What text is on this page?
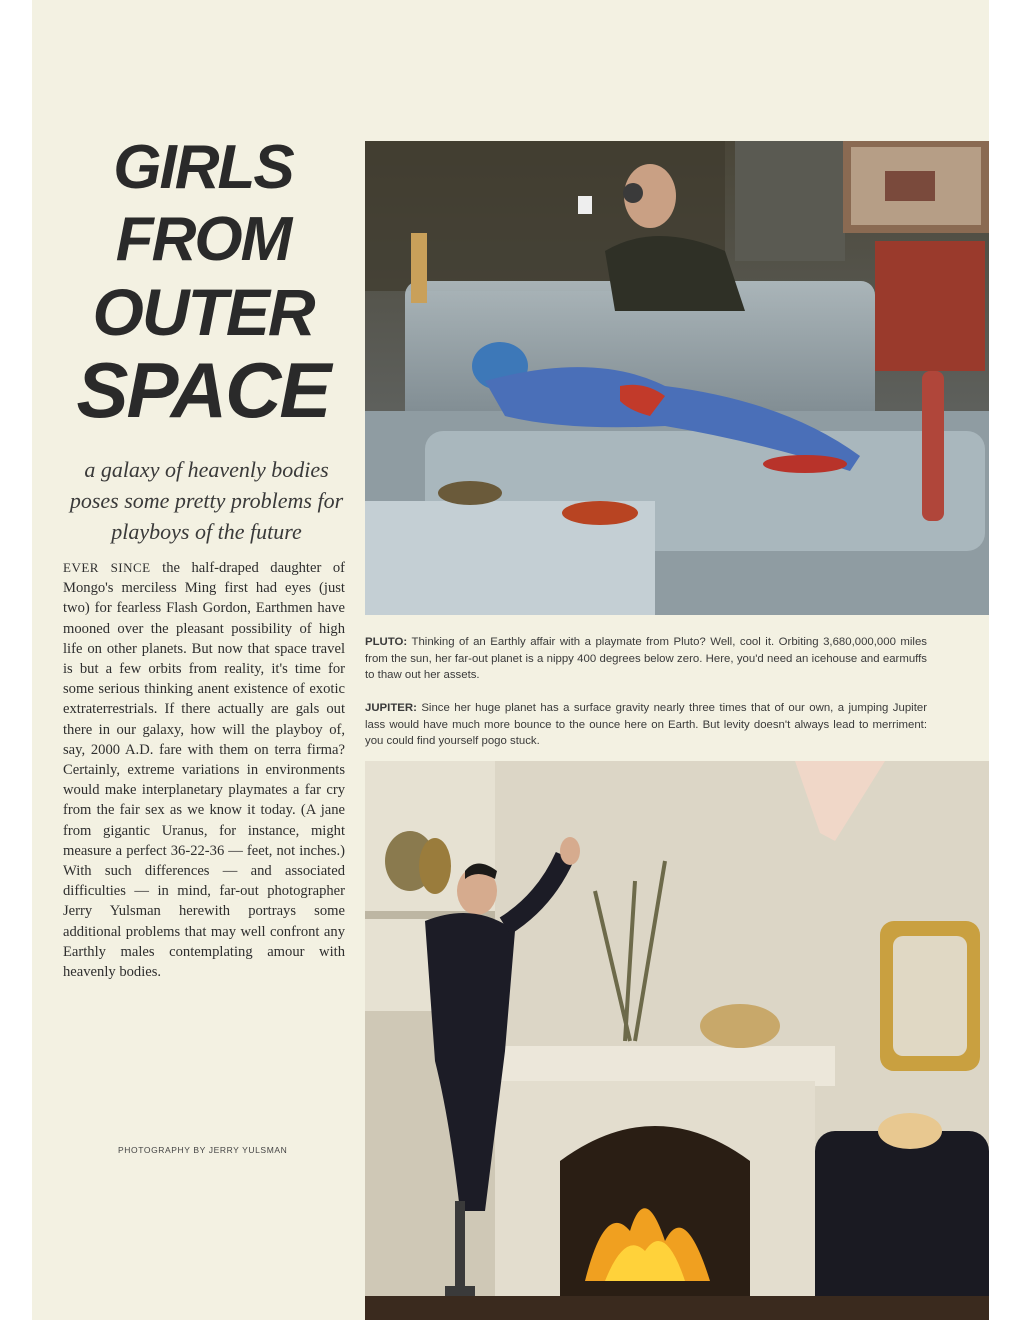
GIRLS
FROM
OUTER
SPACE
a galaxy of heavenly bodies poses some pretty problems for playboys of the future
EVER SINCE the half-draped daughter of Mongo's merciless Ming first had eyes (just two) for fearless Flash Gordon, Earthmen have mooned over the pleasant possibility of high life on other planets. But now that space travel is but a few orbits from reality, it's time for some serious thinking anent existence of exotic extraterrestrials. If there actually are gals out there in our galaxy, how will the playboy of, say, 2000 A.D. fare with them on terra firma? Certainly, extreme variations in environments would make interplanetary playmates a far cry from the fair sex as we know it today. (A jane from gigantic Uranus, for instance, might measure a perfect 36-22-36 — feet, not inches.) With such differences — and associated difficulties — in mind, far-out photographer Jerry Yulsman herewith portrays some additional problems that may well confront any Earthly males contemplating amour with heavenly bodies.
PHOTOGRAPHY BY JERRY YULSMAN
PLUTO: Thinking of an Earthly affair with a playmate from Pluto? Well, cool it. Orbiting 3,680,000,000 miles from the sun, her far-out planet is a nippy 400 degrees below zero. Here, you'd need an icehouse and earmuffs to thaw out her assets.
JUPITER: Since her huge planet has a surface gravity nearly three times that of our own, a jumping Jupiter lass would have much more bounce to the ounce here on Earth. But levity doesn't always lead to merriment: you could find yourself pogo stuck.
